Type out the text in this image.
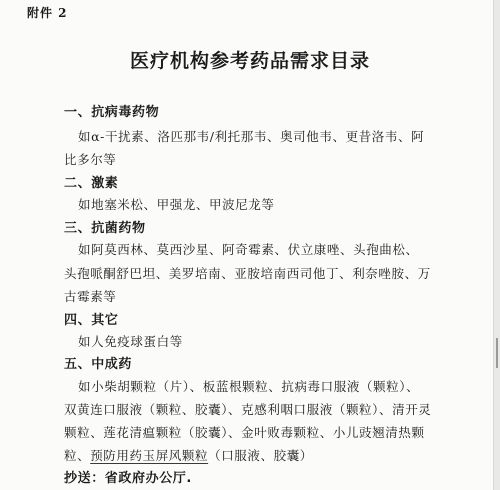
附件 2
医疗机构参考药品需求目录
一、抗病毒药物
如α-干扰素、洛匹那韦/利托那韦、奥司他韦、更昔洛韦、阿
比多尔等
二、激素
如地塞米松、甲强龙、甲波尼龙等
三、抗菌药物
如阿莫西林、莫西沙星、阿奇霉素、伏立康唑、头孢曲松、
头孢哌酮舒巴坦、美罗培南、亚胺培南西司他丁、利奈唑胺、万
古霉素等
四、其它
如人免疫球蛋白等
五、中成药
如小柴胡颗粒（片）、板蓝根颗粒、抗病毒口服液（颗粒）、
双黄连口服液（颗粒、胶囊）、克感利咽口服液（颗粒）、清开灵
颗粒、莲花清瘟颗粒（胶囊）、金叶败毒颗粒、小儿豉翘清热颗
粒、预防用药玉屏风颗粒（口服液、胶囊）
抄送：省政府办公厅.
